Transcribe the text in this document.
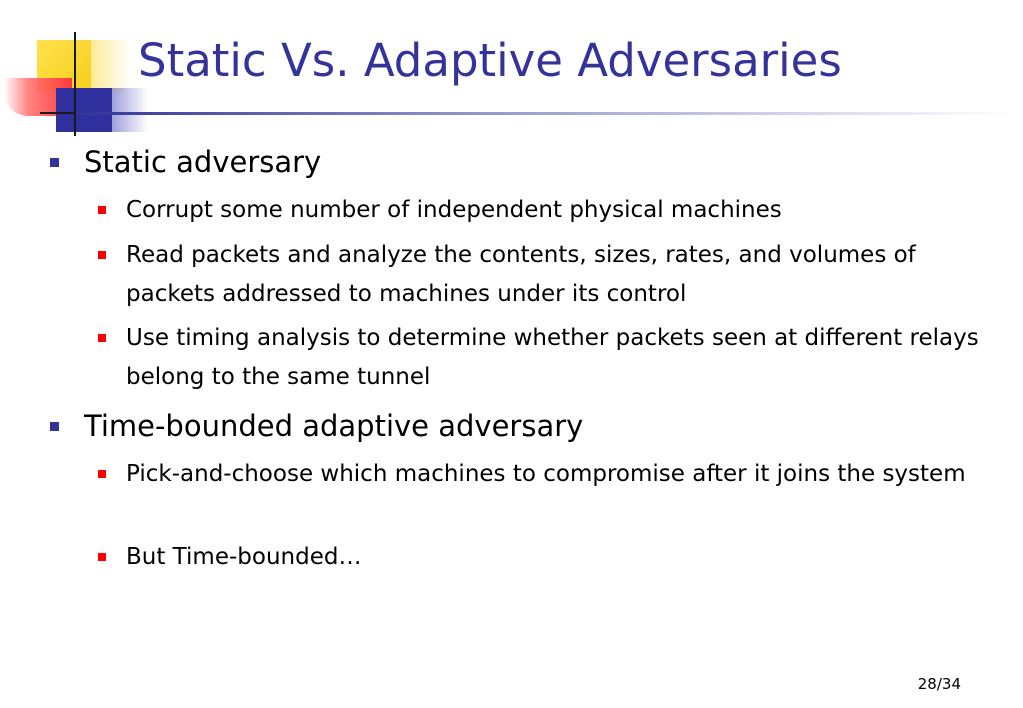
Static Vs. Adaptive Adversaries
Static adversary
Corrupt some number of independent physical machines
Read packets and analyze the contents, sizes, rates, and volumes of packets addressed to machines under its control
Use timing analysis to determine whether packets seen at different relays belong to the same tunnel
Time-bounded adaptive adversary
Pick-and-choose which machines to compromise after it joins the system
But Time-bounded…
28/34
